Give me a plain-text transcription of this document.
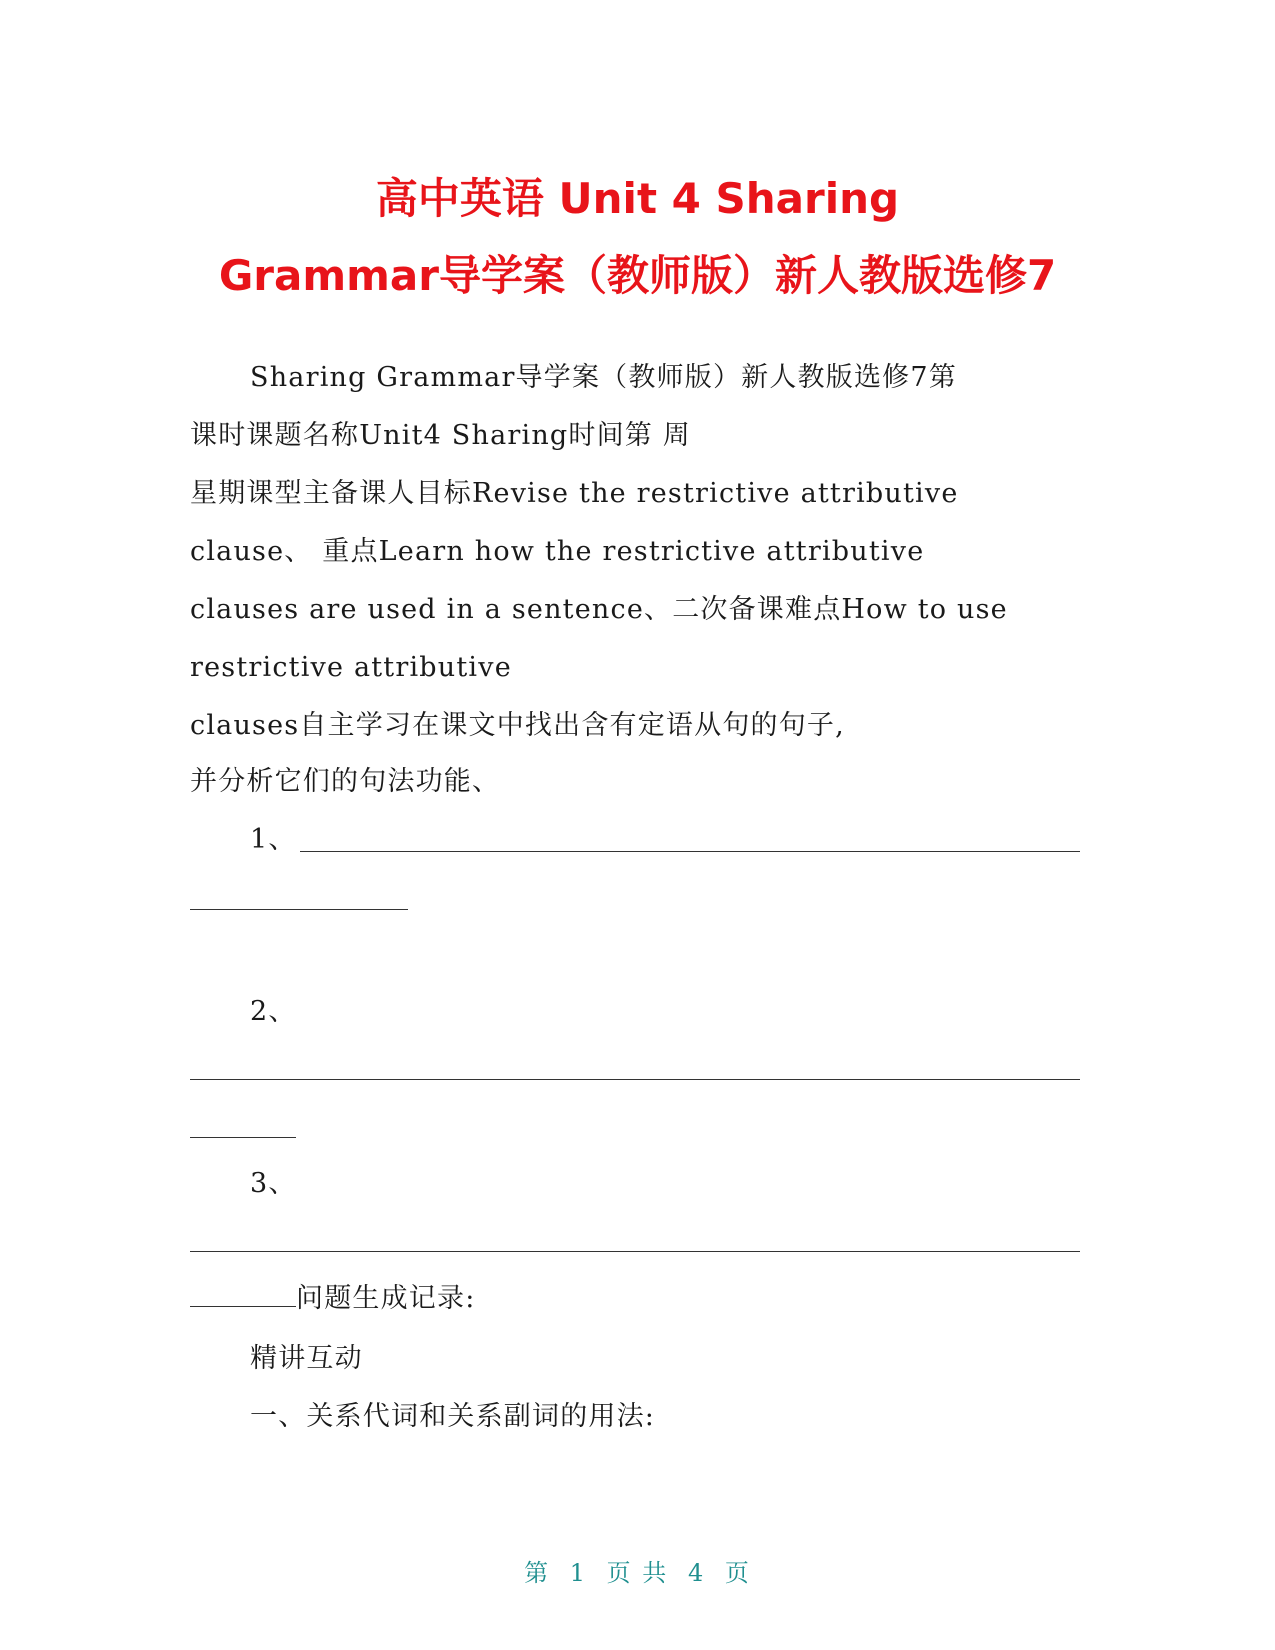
高中英语 Unit 4 Sharing
Grammar导学案（教师版）新人教版选修7
Sharing Grammar导学案（教师版）新人教版选修7第
课时课题名称Unit4 Sharing时间第 周
星期课型主备课人目标Revise the restrictive attributive
clause、 重点Learn how the restrictive attributive
clauses are used in a sentence、二次备课难点How to use
restrictive attributive
clauses自主学习在课文中找出含有定语从句的句子,
并分析它们的句法功能、
1、
2、
3、
问题生成记录:
精讲互动
一、关系代词和关系副词的用法:
第 1 页 共 4 页
